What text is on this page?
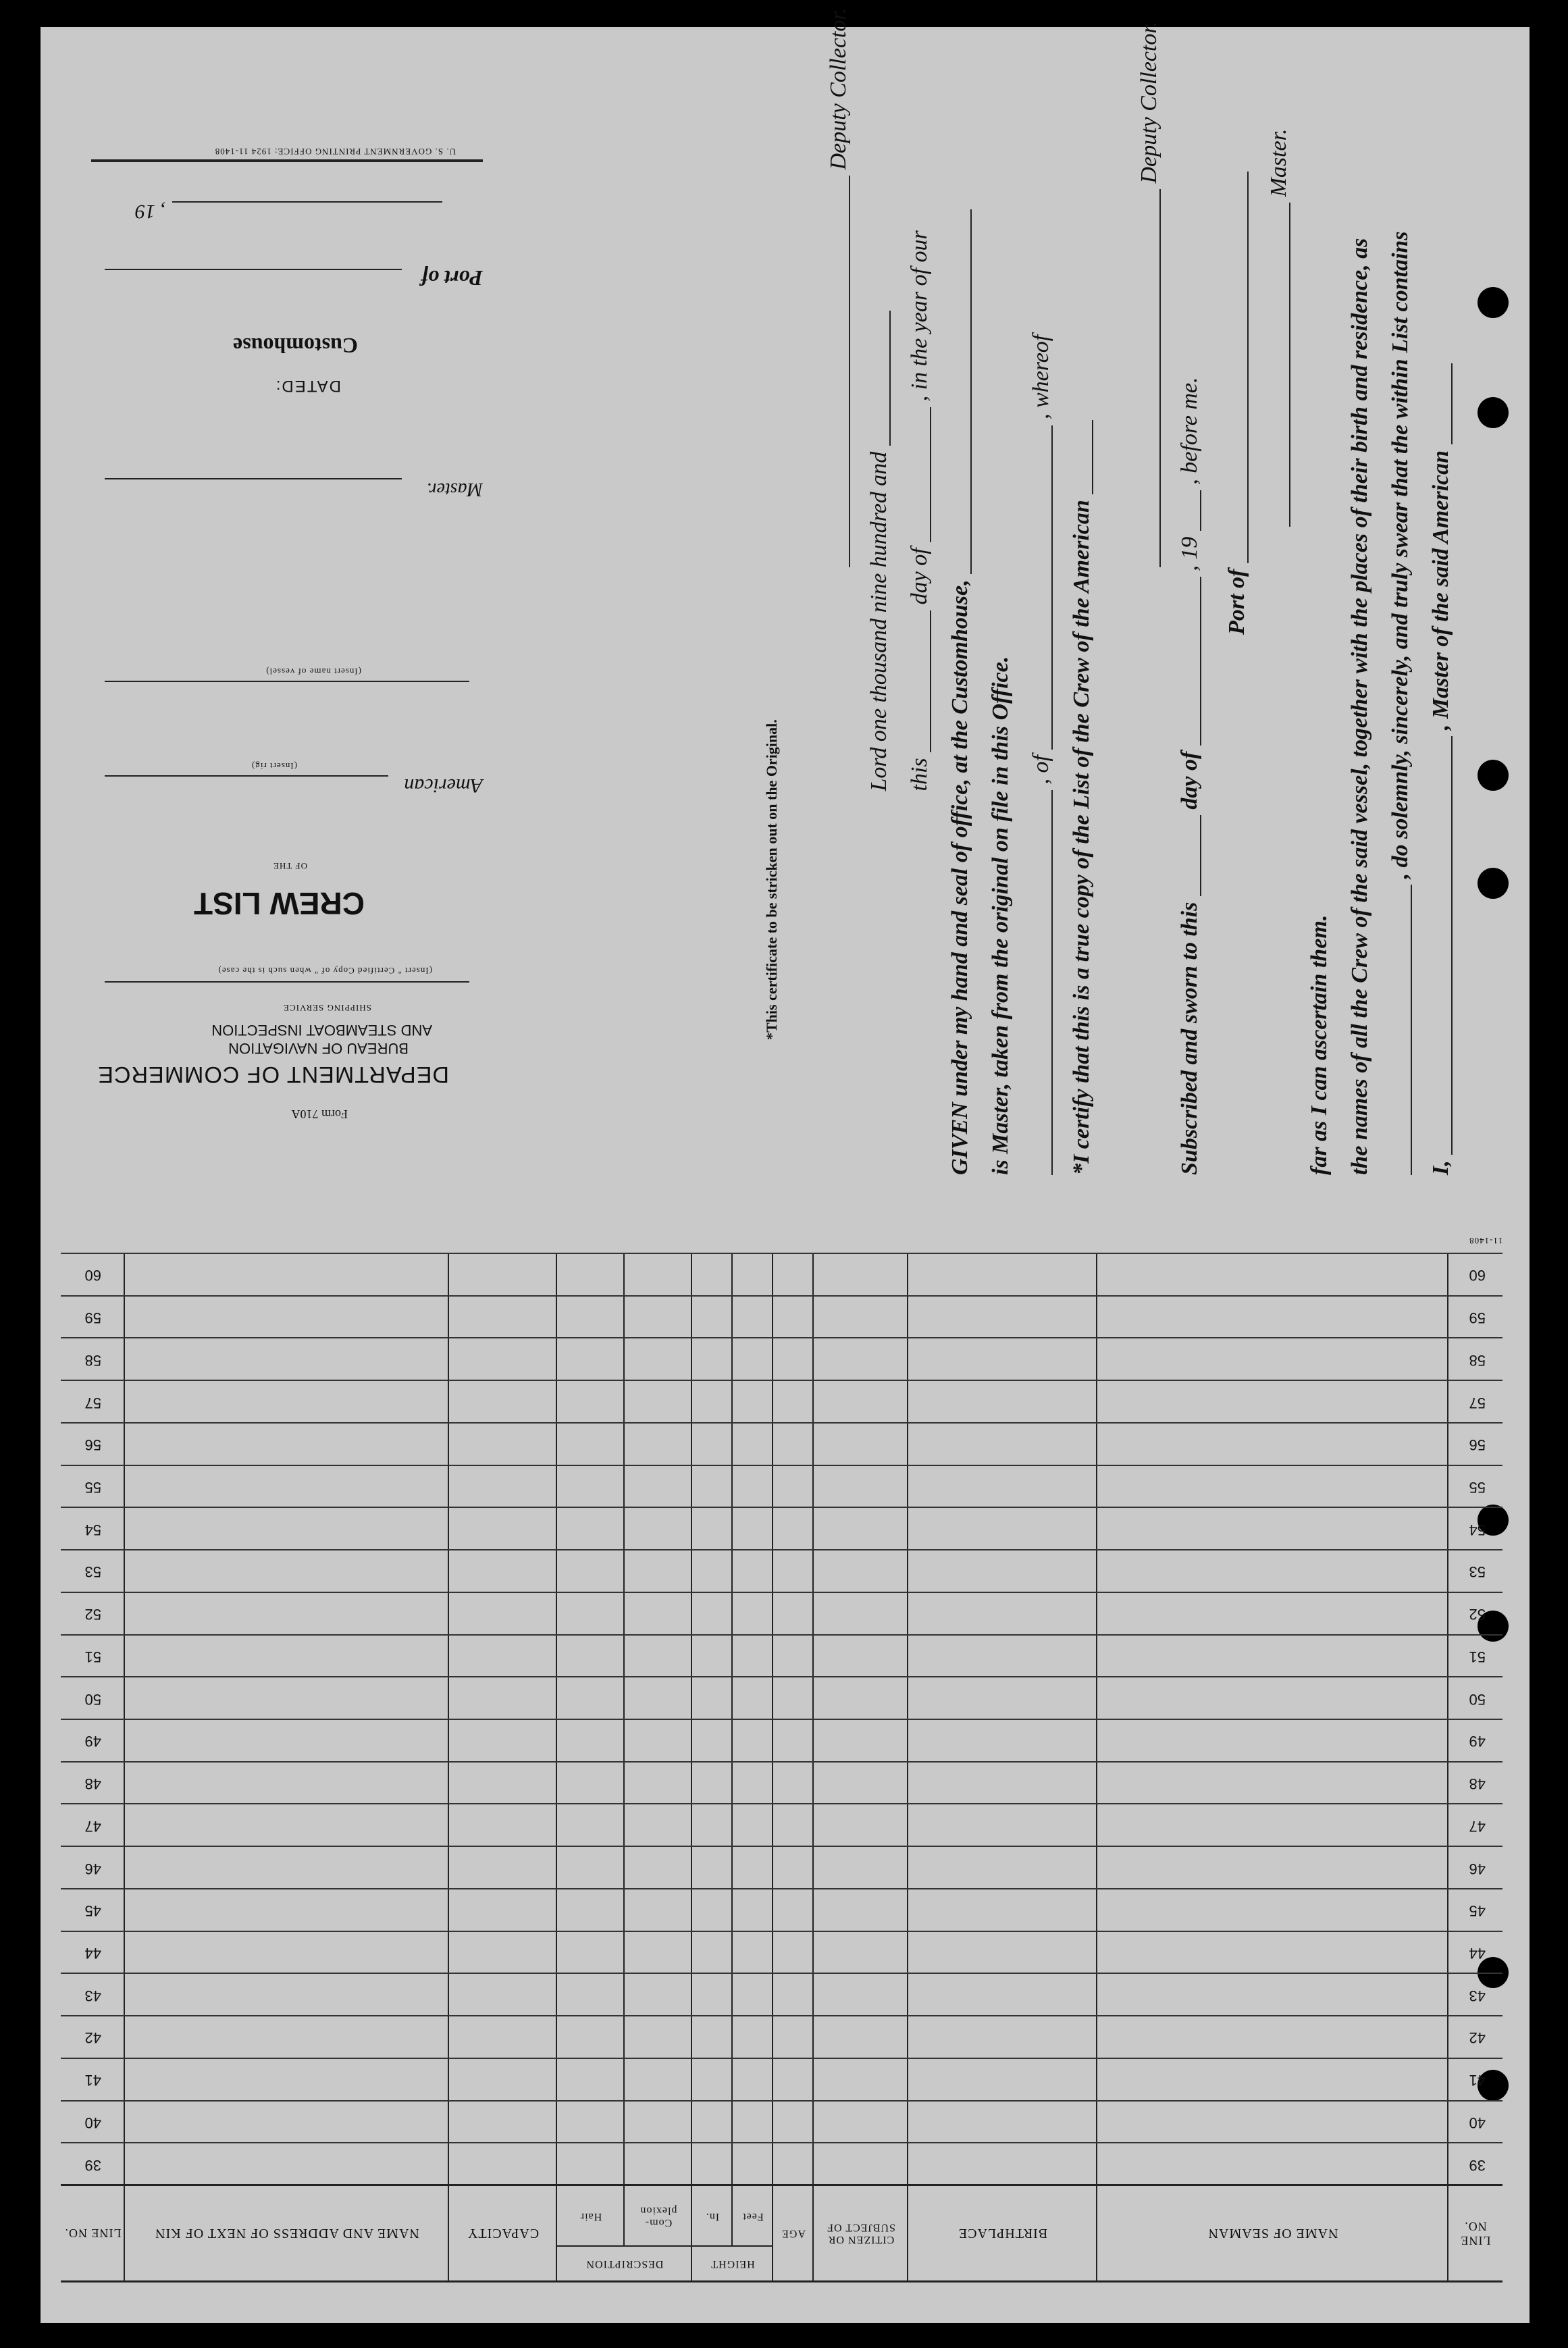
Form 710A
DEPARTMENT OF COMMERCE
BUREAU OF NAVIGATION
AND STEAMBOAT INSPECTION
SHIPPING SERVICE
(Insert " Certified Copy of " when such is the case)
CREW LIST
OF THE
American
(Insert rig)
(Insert name of vessel)
Master.
DATED:
Customhouse
Port of
, 19
U. S. GOVERNMENT PRINTING OFFICE: 1924 11-1408
I,  , Master of the said American
, do solemnly, sincerely, and truly swear that the within List contains
the names of all the Crew of the said vessel, together with the places of their birth and residence, as
far as I can ascertain them.
Master.
Port of
Subscribed and sworn to this  day of  , 19  , before me.
Deputy Collector.
*I certify that this is a true copy of the List of the Crew of the American
, of  , whereof
is Master, taken from the original on file in this Office.
GIVEN under my hand and seal of office, at the Customhouse,
this  day of  , in the year of our
Lord one thousand nine hundred and
Deputy Collector.
*This certificate to be stricken out on the Original.
LINE NO.
NAME OF SEAMAN
BIRTHPLACE
CITIZEN OR SUBJECT OF
AGE
HEIGHT
Feet
In.
DESCRIPTION
Com- plexion
Hair
CAPACITY
NAME AND ADDRESS OF NEXT OF KIN
LINE NO.
39
39
40
40
41
41
42
42
43
43
44
44
45
45
46
46
47
47
48
48
49
49
50
50
51
51
52
52
53
53
54
54
55
55
56
56
57
57
58
58
59
59
60
60
11-1408
